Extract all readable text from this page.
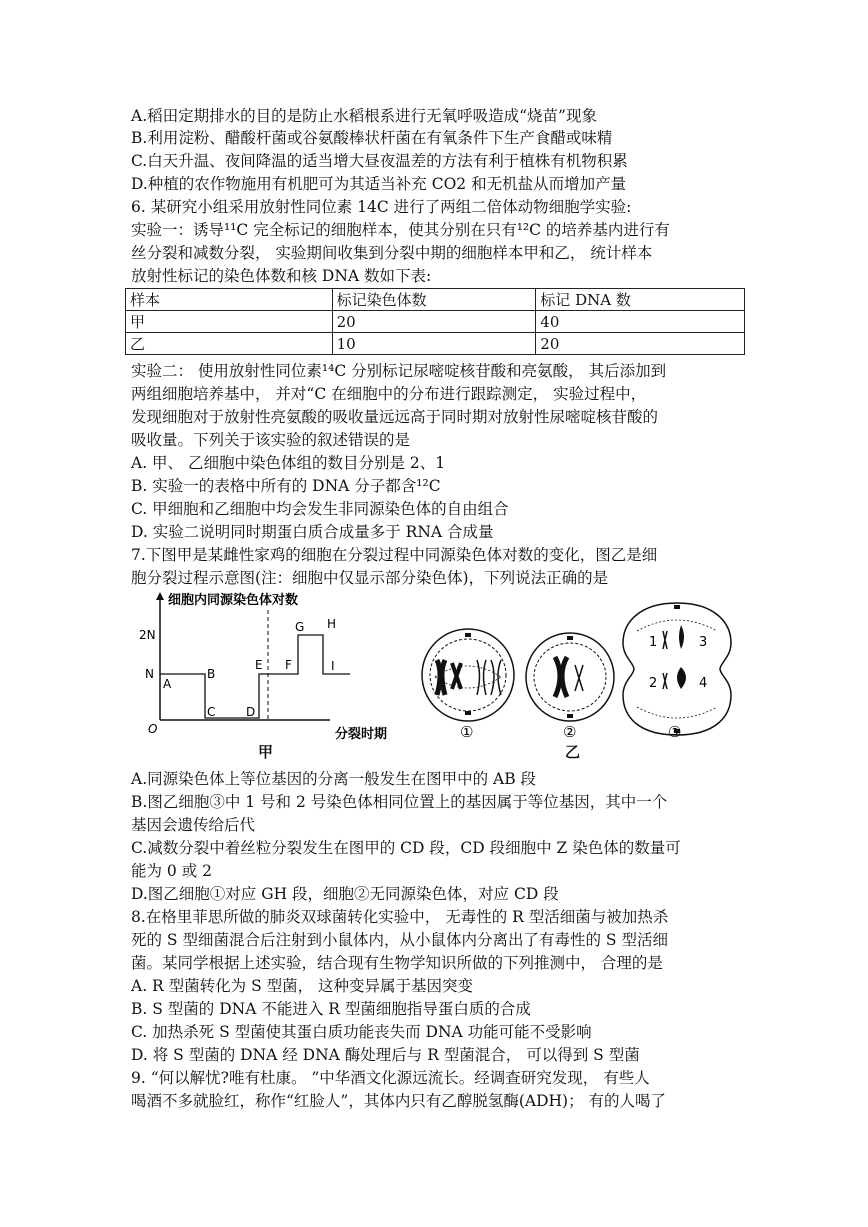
A.稻田定期排水的目的是防止水稻根系进行无氧呼吸造成“烧苗”现象
B.利用淀粉、醋酸杆菌或谷氨酸棒状杆菌在有氧条件下生产食醋或味精
C.白天升温、夜间降温的适当增大昼夜温差的方法有利于植株有机物积累
D.种植的农作物施用有机肥可为其适当补充 CO2 和无机盐从而增加产量
6. 某研究小组采用放射性同位素 14C 进行了两组二倍体动物细胞学实验:
实验一：诱导¹¹C 完全标记的细胞样本，使其分别在只有¹²C 的培养基内进行有
丝分裂和减数分裂， 实验期间收集到分裂中期的细胞样本甲和乙， 统计样本
放射性标记的染色体数和核 DNA 数如下表:
样本	标记染色体数	标记 DNA 数
甲	20	40
乙	10	20
实验二： 使用放射性同位素¹⁴C 分别标记尿嘧啶核苷酸和亮氨酸， 其后添加到
两组细胞培养基中， 并对“C 在细胞中的分布进行跟踪测定， 实验过程中，
发现细胞对于放射性亮氨酸的吸收量远远高于同时期对放射性尿嘧啶核苷酸的
吸收量。下列关于该实验的叙述错误的是
A. 甲、 乙细胞中染色体组的数目分别是 2、1
B. 实验一的表格中所有的 DNA 分子都含¹²C
C. 甲细胞和乙细胞中均会发生非同源染色体的自由组合
D. 实验二说明同时期蛋白质合成量多于 RNA 合成量
7.下图甲是某雌性家鸡的细胞在分裂过程中同源染色体对数的变化，图乙是细
胞分裂过程示意图(注：细胞中仅显示部分染色体)，下列说法正确的是
细胞内同源染色体对数
分裂时期
2N
N
O
A
B
C	D
E F
G H
I
甲
1	3
2	4
①	②	③
乙
A.同源染色体上等位基因的分离一般发生在图甲中的 AB 段
B.图乙细胞③中 1 号和 2 号染色体相同位置上的基因属于等位基因，其中一个
基因会遗传给后代
C.减数分裂中着丝粒分裂发生在图甲的 CD 段，CD 段细胞中 Z 染色体的数量可
能为 0 或 2
D.图乙细胞①对应 GH 段，细胞②无同源染色体，对应 CD 段
8.在格里菲思所做的肺炎双球菌转化实验中， 无毒性的 R 型活细菌与被加热杀
死的 S 型细菌混合后注射到小鼠体内，从小鼠体内分离出了有毒性的 S 型活细
菌。某同学根据上述实验，结合现有生物学知识所做的下列推测中， 合理的是
A. R 型菌转化为 S 型菌， 这种变异属于基因突变
B. S 型菌的 DNA 不能进入 R 型菌细胞指导蛋白质的合成
C. 加热杀死 S 型菌使其蛋白质功能丧失而 DNA 功能可能不受影响
D. 将 S 型菌的 DNA 经 DNA 酶处理后与 R 型菌混合， 可以得到 S 型菌
9. “何以解忧?唯有杜康。 ”中华酒文化源远流长。经调查研究发现， 有些人
喝酒不多就脸红，称作“红脸人”，其体内只有乙醇脱氢酶(ADH)； 有的人喝了
